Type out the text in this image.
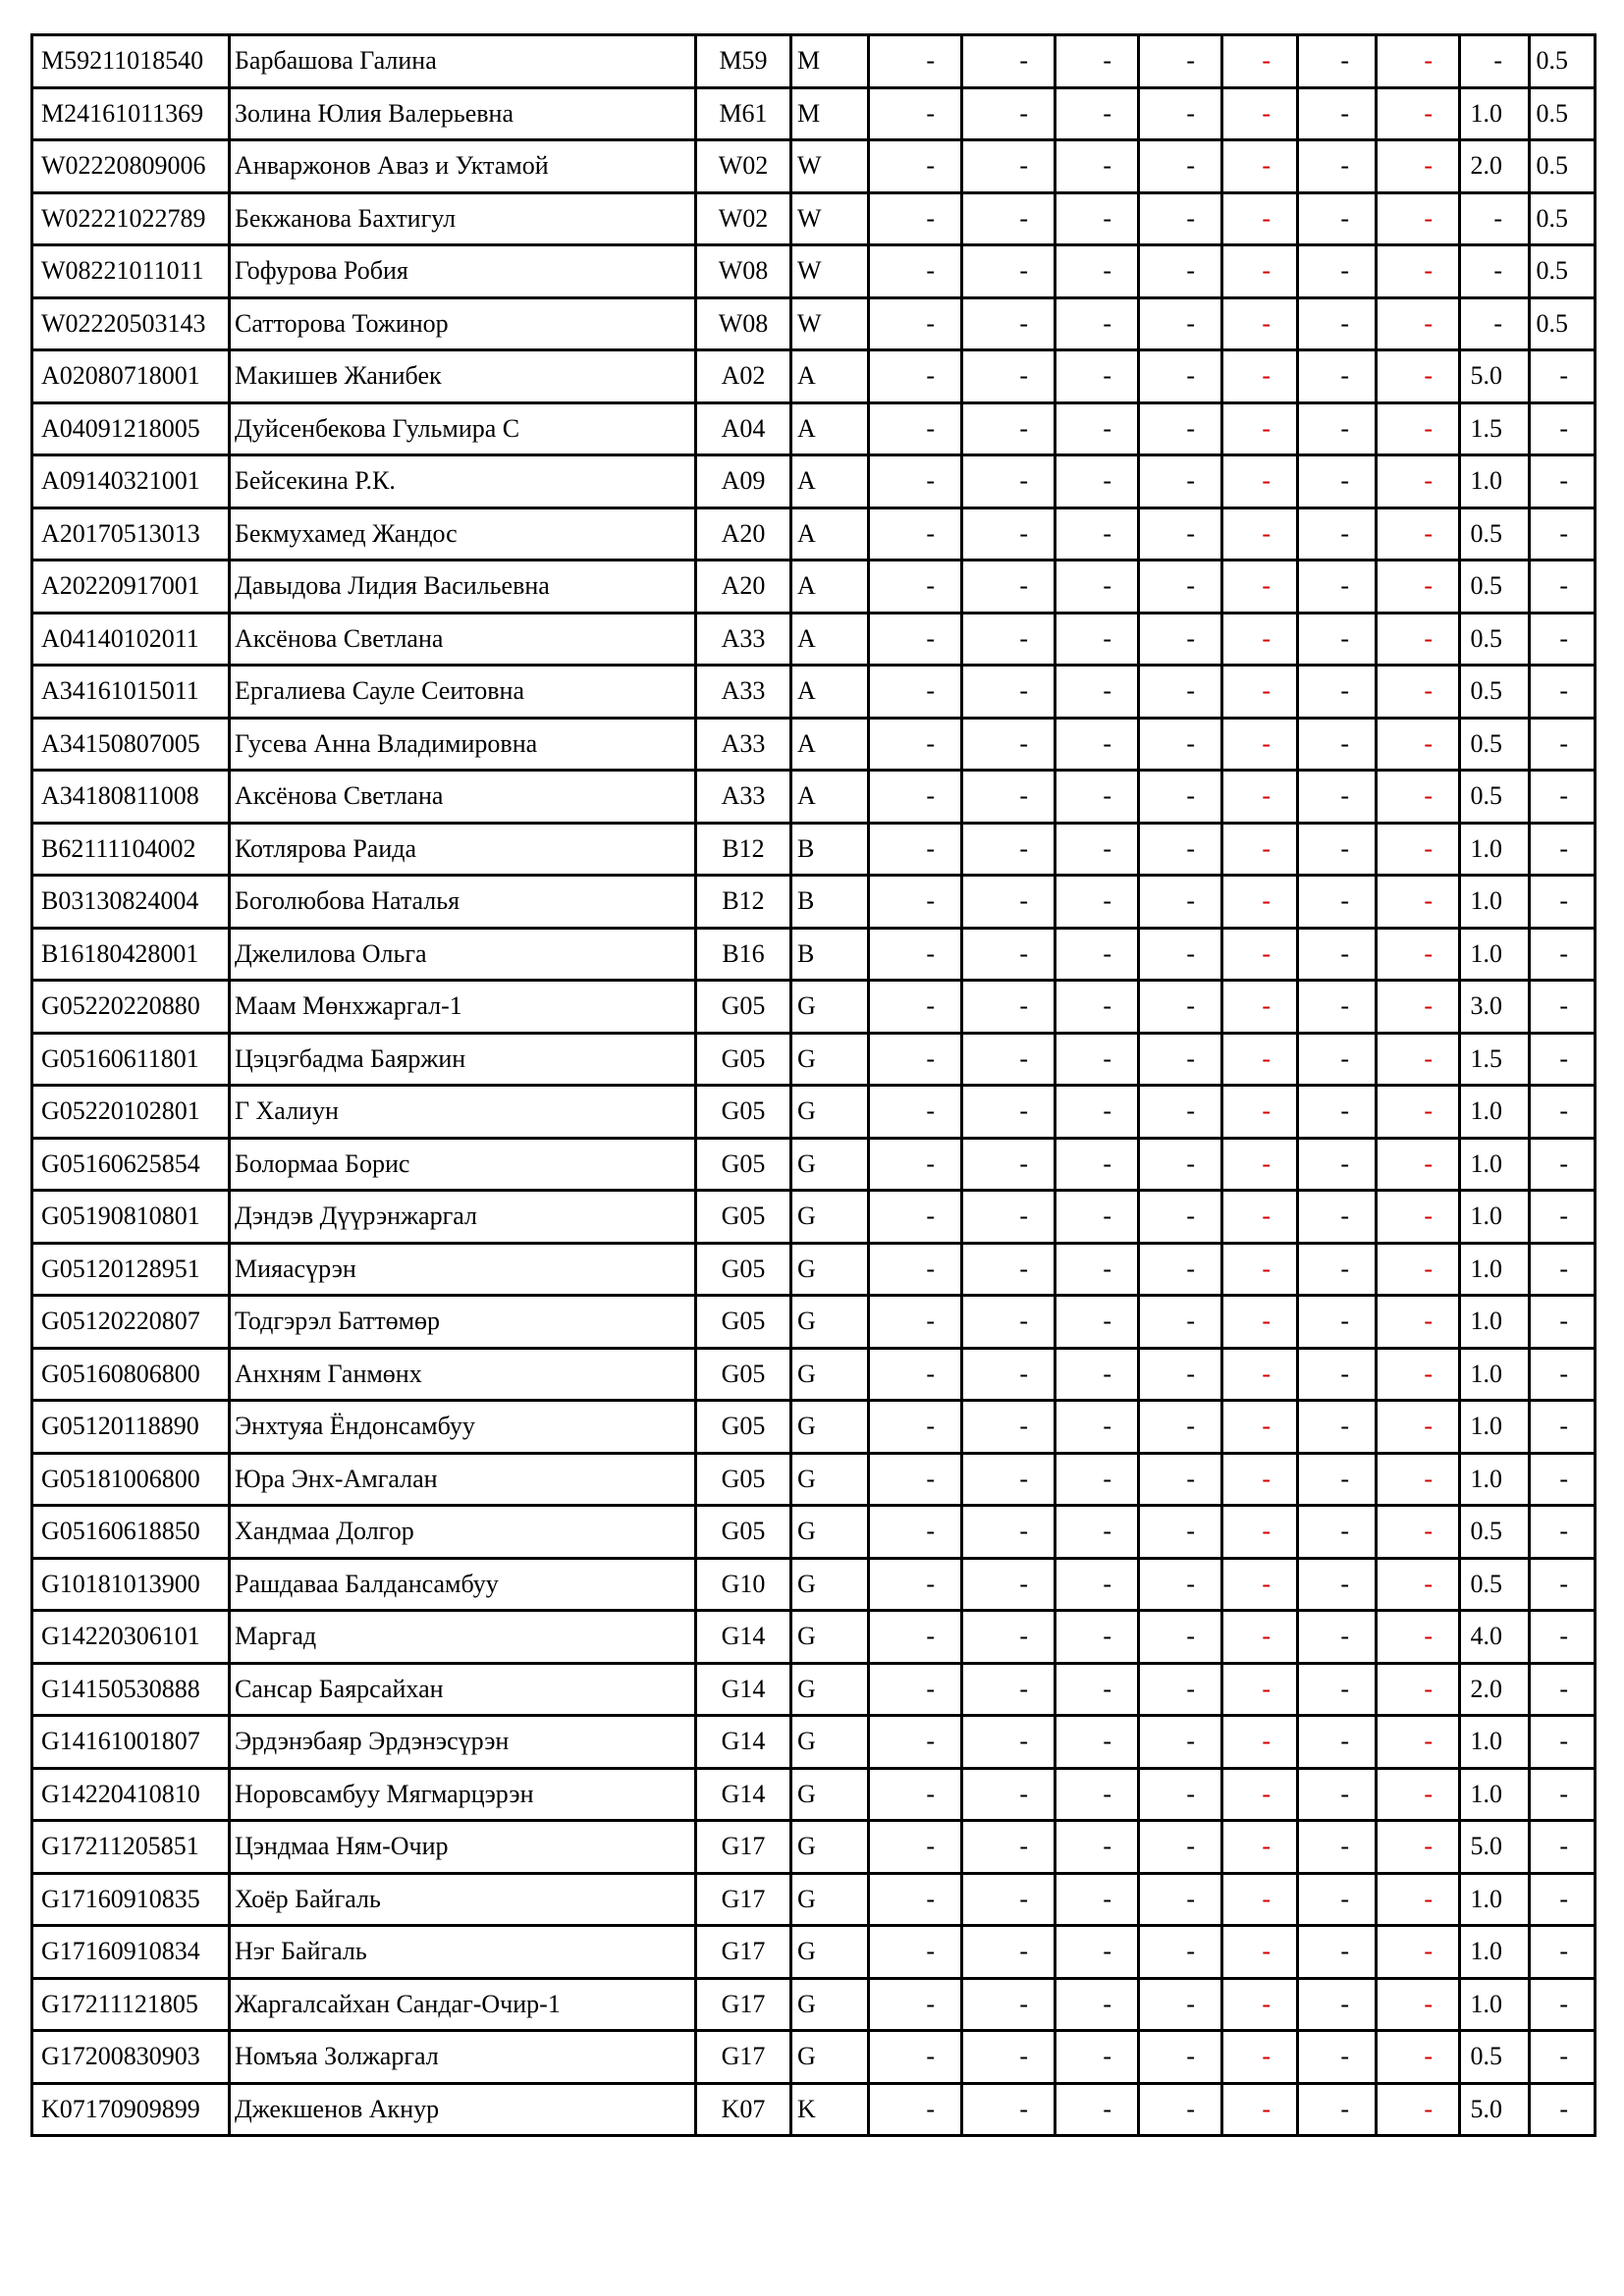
M59211018540	Барбашова Галина	M59	M	-	-	-	-	-	-	-	-	0.5
M24161011369	Золина Юлия Валерьевна	M61	M	-	-	-	-	-	-	-	1.0	0.5
W02220809006	Анваржонов Аваз и Уктамой	W02	W	-	-	-	-	-	-	-	2.0	0.5
W02221022789	Бекжанова Бахтигул	W02	W	-	-	-	-	-	-	-	-	0.5
W08221011011	Гофурова Робия	W08	W	-	-	-	-	-	-	-	-	0.5
W02220503143	Сатторова Тожинор	W08	W	-	-	-	-	-	-	-	-	0.5
A02080718001	Макишев Жанибек	A02	A	-	-	-	-	-	-	-	5.0	-
A04091218005	Дуйсенбекова Гульмира С	A04	A	-	-	-	-	-	-	-	1.5	-
A09140321001	Бейсекина Р.К.	A09	A	-	-	-	-	-	-	-	1.0	-
A20170513013	Бекмухамед Жандос	A20	A	-	-	-	-	-	-	-	0.5	-
A20220917001	Давыдова Лидия Васильевна	A20	A	-	-	-	-	-	-	-	0.5	-
A04140102011	Аксёнова Светлана	A33	A	-	-	-	-	-	-	-	0.5	-
A34161015011	Ергалиева Сауле Сеитовна	A33	A	-	-	-	-	-	-	-	0.5	-
A34150807005	Гусева Анна Владимировна	A33	A	-	-	-	-	-	-	-	0.5	-
A34180811008	Аксёнова Светлана	A33	A	-	-	-	-	-	-	-	0.5	-
B62111104002	Котлярова Раида	B12	B	-	-	-	-	-	-	-	1.0	-
B03130824004	Боголюбова Наталья	B12	B	-	-	-	-	-	-	-	1.0	-
B16180428001	Джелилова Ольга	B16	B	-	-	-	-	-	-	-	1.0	-
G05220220880	Маам Мөнхжаргал-1	G05	G	-	-	-	-	-	-	-	3.0	-
G05160611801	Цэцэгбадма Баяржин	G05	G	-	-	-	-	-	-	-	1.5	-
G05220102801	Г Халиун	G05	G	-	-	-	-	-	-	-	1.0	-
G05160625854	Болормаа Борис	G05	G	-	-	-	-	-	-	-	1.0	-
G05190810801	Дэндэв Дүүрэнжаргал	G05	G	-	-	-	-	-	-	-	1.0	-
G05120128951	Мияасүрэн	G05	G	-	-	-	-	-	-	-	1.0	-
G05120220807	Тодгэрэл Баттөмөр	G05	G	-	-	-	-	-	-	-	1.0	-
G05160806800	Анхням Ганмөнх	G05	G	-	-	-	-	-	-	-	1.0	-
G05120118890	Энхтуяа Ёндонсамбуу	G05	G	-	-	-	-	-	-	-	1.0	-
G05181006800	Юра Энх-Амгалан	G05	G	-	-	-	-	-	-	-	1.0	-
G05160618850	Хандмаа Долгор	G05	G	-	-	-	-	-	-	-	0.5	-
G10181013900	Рашдаваа Балдансамбуу	G10	G	-	-	-	-	-	-	-	0.5	-
G14220306101	Маргад	G14	G	-	-	-	-	-	-	-	4.0	-
G14150530888	Сансар Баярсайхан	G14	G	-	-	-	-	-	-	-	2.0	-
G14161001807	Эрдэнэбаяр Эрдэнэсүрэн	G14	G	-	-	-	-	-	-	-	1.0	-
G14220410810	Норовсамбуу Мягмарцэрэн	G14	G	-	-	-	-	-	-	-	1.0	-
G17211205851	Цэндмаа Ням-Очир	G17	G	-	-	-	-	-	-	-	5.0	-
G17160910835	Хоёр Байгаль	G17	G	-	-	-	-	-	-	-	1.0	-
G17160910834	Нэг Байгаль	G17	G	-	-	-	-	-	-	-	1.0	-
G17211121805	Жаргалсайхан Сандаг-Очир-1	G17	G	-	-	-	-	-	-	-	1.0	-
G17200830903	Номъяа Золжаргал	G17	G	-	-	-	-	-	-	-	0.5	-
K07170909899	Джекшенов Акнур	K07	K	-	-	-	-	-	-	-	5.0	-
